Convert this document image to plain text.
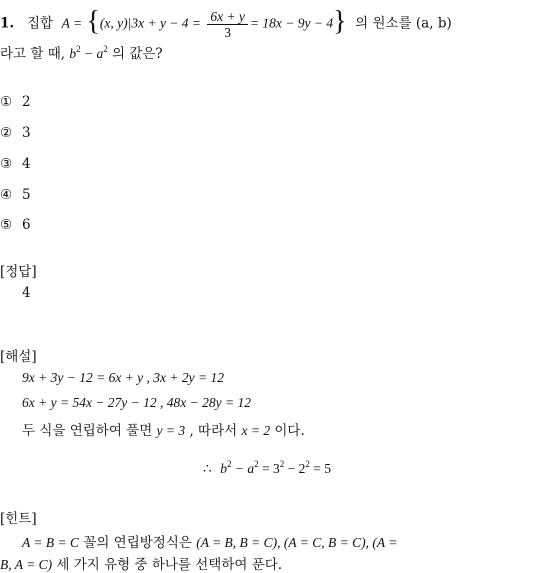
1. 집합 A = {(x, $y)|3x + y - 4 = \frac{6x + y}{3} = 18x - 9y - 4$} 의 원소를 (a, b)
라고 할 때, $b^2 - a^2$ 의 값은?
① 2
② 3
③ 4
④ 5
⑤ 6
[정답]
4
[해설]
9x + 3y − 12 = 6x + y , 3x + 2y = 12
6x + y = 54x − 27y − 12 , 48x − 28y = 12
두 식을 연립하여 풀면 y = 3 , 따라서 x = 2 이다.
∴ $b^2 - a^2 = 3^2 - 2^2 = 5$
[힌트]
A = B = C 꼴의 연립방정식은 (A = B, B = C), (A = C, B = C), (A =
B, A = C) 세 가지 유형 중 하나를 선택하여 푼다.
